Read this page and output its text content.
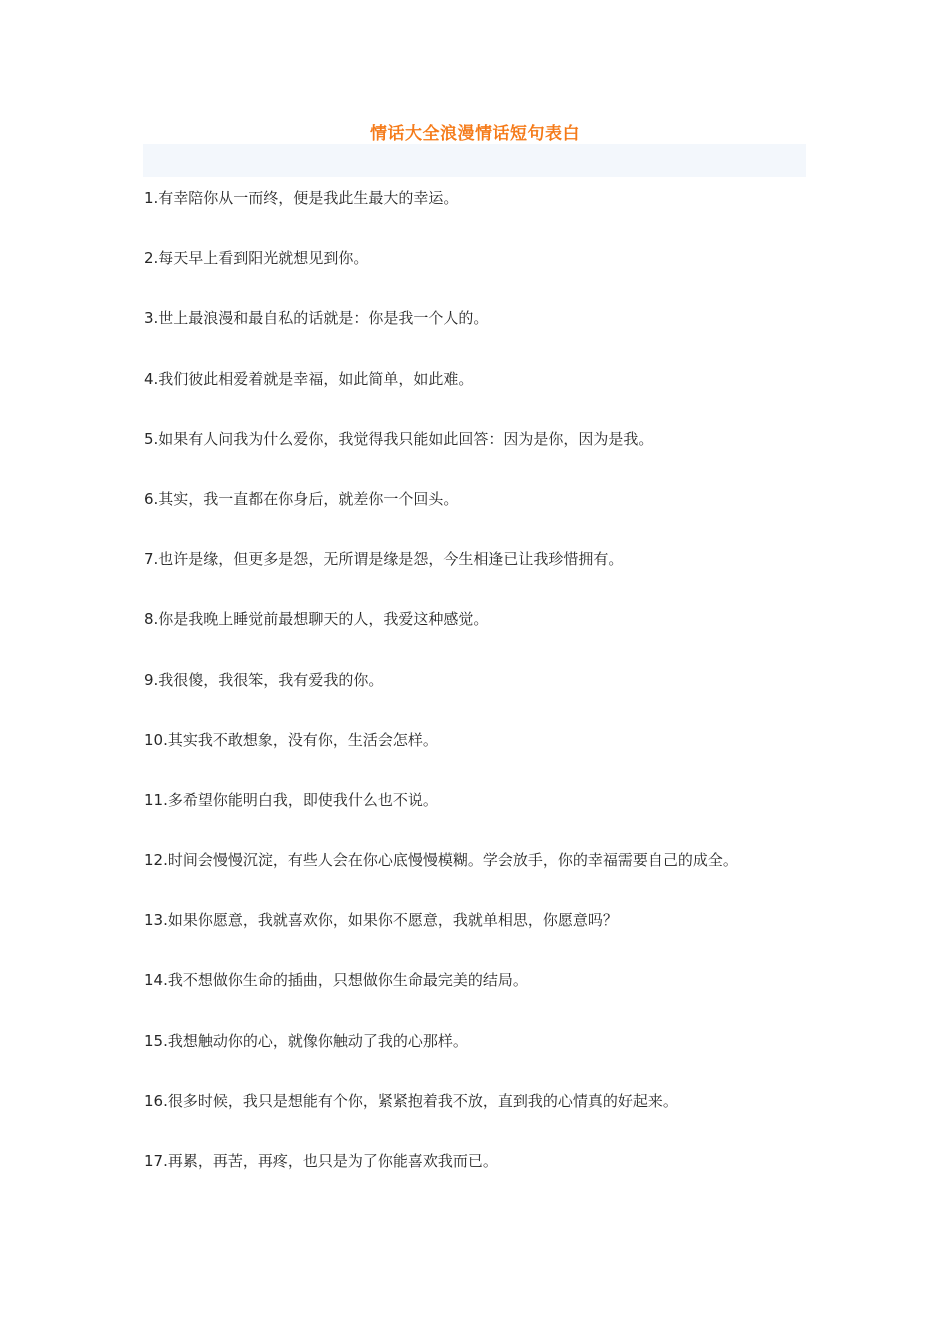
情话大全浪漫情话短句表白
1.有幸陪你从一而终，便是我此生最大的幸运。
2.每天早上看到阳光就想见到你。
3.世上最浪漫和最自私的话就是：你是我一个人的。
4.我们彼此相爱着就是幸福，如此简单，如此难。
5.如果有人问我为什么爱你，我觉得我只能如此回答：因为是你，因为是我。
6.其实，我一直都在你身后，就差你一个回头。
7.也许是缘，但更多是怨，无所谓是缘是怨，今生相逢已让我珍惜拥有。
8.你是我晚上睡觉前最想聊天的人，我爱这种感觉。
9.我很傻，我很笨，我有爱我的你。
10.其实我不敢想象，没有你，生活会怎样。
11.多希望你能明白我，即使我什么也不说。
12.时间会慢慢沉淀，有些人会在你心底慢慢模糊。学会放手，你的幸福需要自己的成全。
13.如果你愿意，我就喜欢你，如果你不愿意，我就单相思，你愿意吗？
14.我不想做你生命的插曲，只想做你生命最完美的结局。
15.我想触动你的心，就像你触动了我的心那样。
16.很多时候，我只是想能有个你，紧紧抱着我不放，直到我的心情真的好起来。
17.再累，再苦，再疼，也只是为了你能喜欢我而已。
